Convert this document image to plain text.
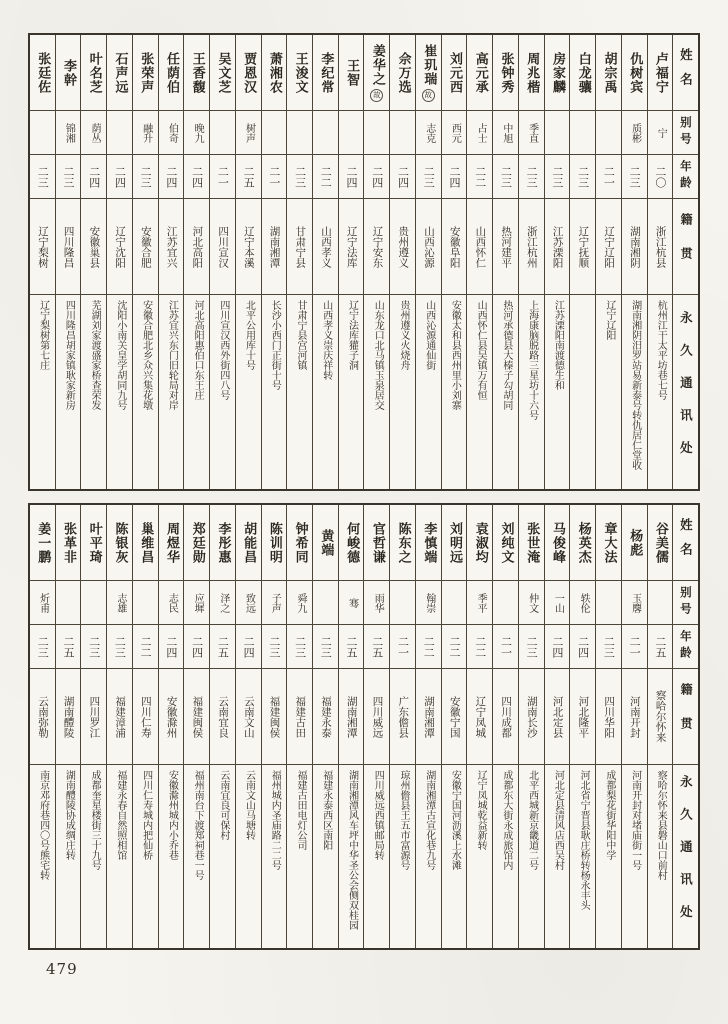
姓名
别号
年龄
籍贯
永久通讯处
卢福宁
宁
二〇
浙江杭县
杭州江干太平坊巷七号
仇树宾
质彬
二三
湖南湘阴
湖南湘阴汨罗站易新泰号转仇居仁堂收
胡宗禹
二一
辽宁辽阳
辽宁辽阳
白龙骧
二三
辽宁抚顺
房家麟
二三
江苏溧阳
江苏溧阳南渡德生和
周兆楷
季直
二三
浙江杭州
上海康脑脱路三星坊十六号
张钟秀
中旭
二三
热河建平
热河承德县大榛子勾胡同
高元承
占士
二二
山西怀仁
山西怀仁县吴镇万有恒
刘元西
西元
二四
安徽阜阳
安徽太和县西州里小刘寨
崔玑瑞
故
志克
二三
山西沁源
山西沁源通仙街
佘万选
二四
贵州遵义
贵州遵义火烧舟
姜华之
故
二四
辽宁安东
山东龙口北马镇玉泉居交
王智
二四
辽宁法库
辽宁法库獾子洞
李纪常
二二
山西孝义
山西孝义崇庆祥转
王浚文
二三
甘肃宁县
甘肃宁县宫河镇
萧湘农
二一
湖南湘潭
长沙小西门正街十号
贾恩汉
树声
二五
辽宁本溪
北平公用库十号
吴文芝
二一
四川宣汉
四川宣汉西外街四八号
王香馥
晚九
二四
河北高阳
河北高阳惠伯口东王庄
任荫伯
伯奇
二四
江苏宜兴
江苏宜兴东门旧轮局对岸
张荣声
融升
二三
安徽合肥
安徽合肥北乡众兴集花墩
石声远
二四
辽宁沈阳
沈阳小南关皇学胡同九号
叶名芝
荫丛
二四
安徽巢县
芜湖刘家渡盛家桥查荣发
李幹
锦湘
二三
四川隆昌
四川隆昌胡家镇耿家新房
张廷佐
二三
辽宁梨树
辽宁梨树第七庄
姓名
别号
年龄
籍贯
永久通讯处
谷美儒
二五
察哈尔怀来
察哈尔怀来县磐山口前村
杨彪
玉麐
二一
河南开封
河南开封对堵庙街一号
章大法
二三
四川华阳
成都梨花街华阳中学
杨英杰
轶伦
二四
河北隆平
河北省宁晋县耿庄桥转杨永丰头
马俊峰
一山
二四
河北定县
河北定县清风店西吴村
张世淹
仲文
二三
湖南长沙
北平西城新京畿道二号
刘纯文
二一
四川成都
成都东大街永成旅馆内
袁淑均
季平
二二
辽宁凤城
辽宁凤城乾益新转
刘明远
二二
安徽宁国
安徽宁国河沥溪上水滩
李慎端
翰崇
二二
湖南湘潭
湖南湘潭古宣化巷九号
陈东之
二一
广东儋县
琼州儋县王五市富源号
官哲谦
雨华
二五
四川威远
四川威远西镇邮局转
何峻德
骞
二五
湖南湘潭
湖南湘潭风车坪中华圣公会侧双桂园
黄端
二三
福建永泰
福建永泰西区南阳
钟希同
舜九
二三
福建古田
福建古田电灯公司
陈训明
子声
二三
福建闽侯
福州城内圣庙路二二号
胡能昌
致远
二四
云南文山
云南文山马塘转
李彤惠
泽之
二五
云南宜良
云南宜良可保村
郑廷勋
应墀
二四
福建闽侯
福州南台下渡郑祠巷一号
周煜华
志民
二四
安徽滁州
安徽滁州城内小乔巷
巢维昌
二二
四川仁寿
四川仁寿城内把仙桥
陈银灰
志雄
二三
福建漳浦
福建永春自然照相馆
叶平琦
二三
四川罗江
成都奎星楼街三十九号
张革非
二五
湖南醴陵
湖南醴陵协成绸庄转
姜一鹏
炘甫
二三
云南弥勒
南京邓府巷四〇号熊宅转
479
